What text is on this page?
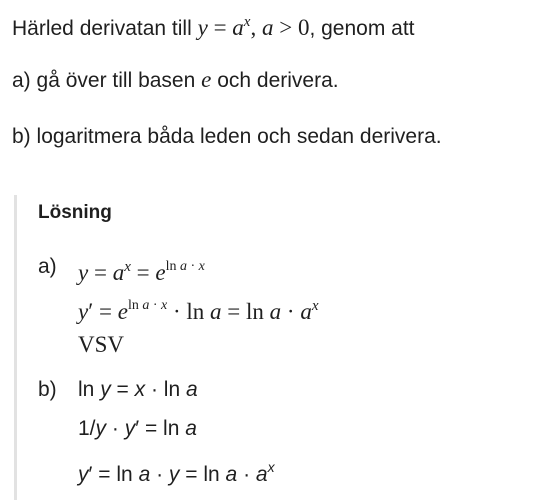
Härled derivatan till $y = a^x$, a > 0, genom att
a) gå över till basen e och derivera.
b) logaritmera båda leden och sedan derivera.
Lösning
a) $y = a^x = e^{ln a \cdot x}$
$y' = e^{ln a \cdot x} \cdot \ln a = \ln a \cdot a^x$
VSV
b) ln y = x · ln a
1/y · y′ = ln a
$y' = \ln a \cdot y = \ln a \cdot a^x$
